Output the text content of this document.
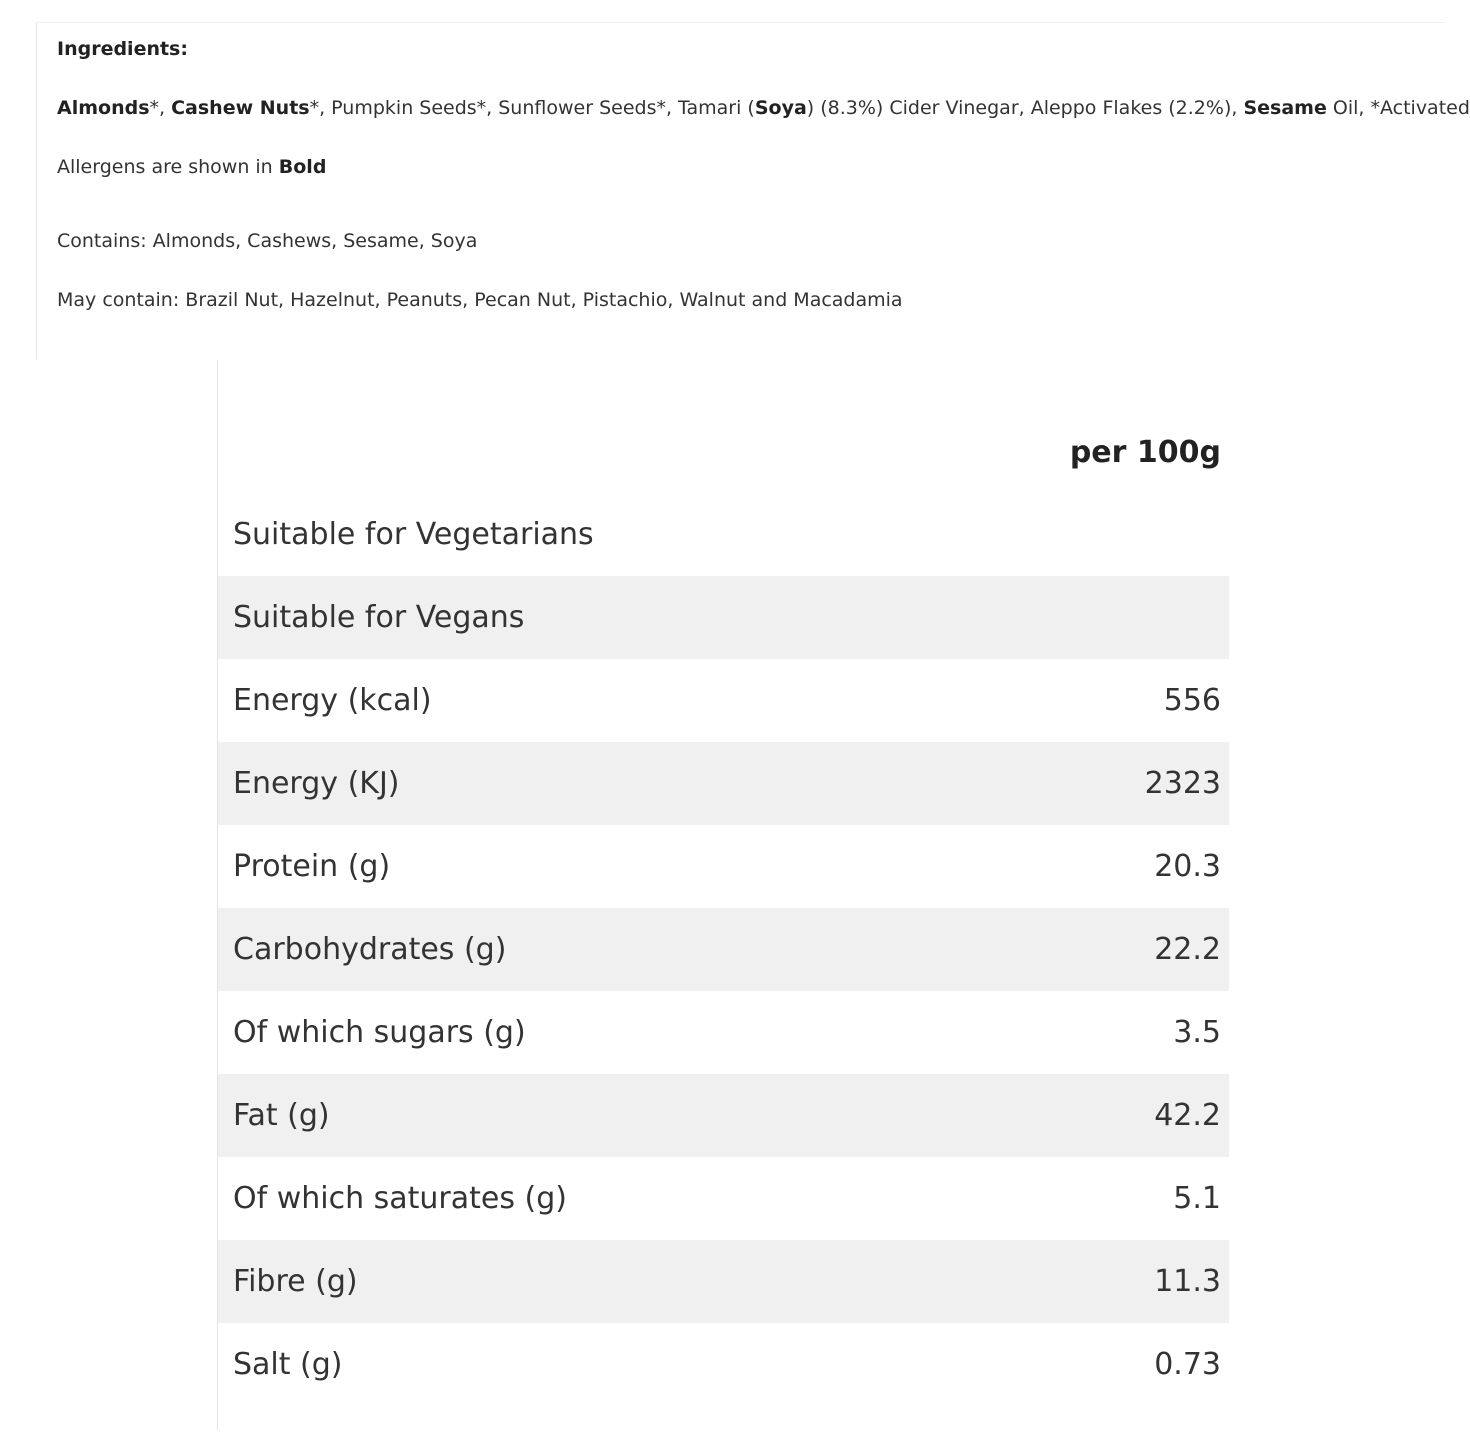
Ingredients:
Almonds*, Cashew Nuts*, Pumpkin Seeds*, Sunflower Seeds*, Tamari (Soya) (8.3%) Cider Vinegar, Aleppo Flakes (2.2%), Sesame Oil, *Activated
Allergens are shown in Bold
Contains: Almonds, Cashews, Sesame, Soya
May contain: Brazil Nut, Hazelnut, Peanuts, Pecan Nut, Pistachio, Walnut and Macadamia
per 100g
Suitable for Vegetarians
Suitable for Vegans
Energy (kcal)	556
Energy (KJ)	2323
Protein (g)	20.3
Carbohydrates (g)	22.2
Of which sugars (g)	3.5
Fat (g)	42.2
Of which saturates (g)	5.1
Fibre (g)	11.3
Salt (g)	0.73
